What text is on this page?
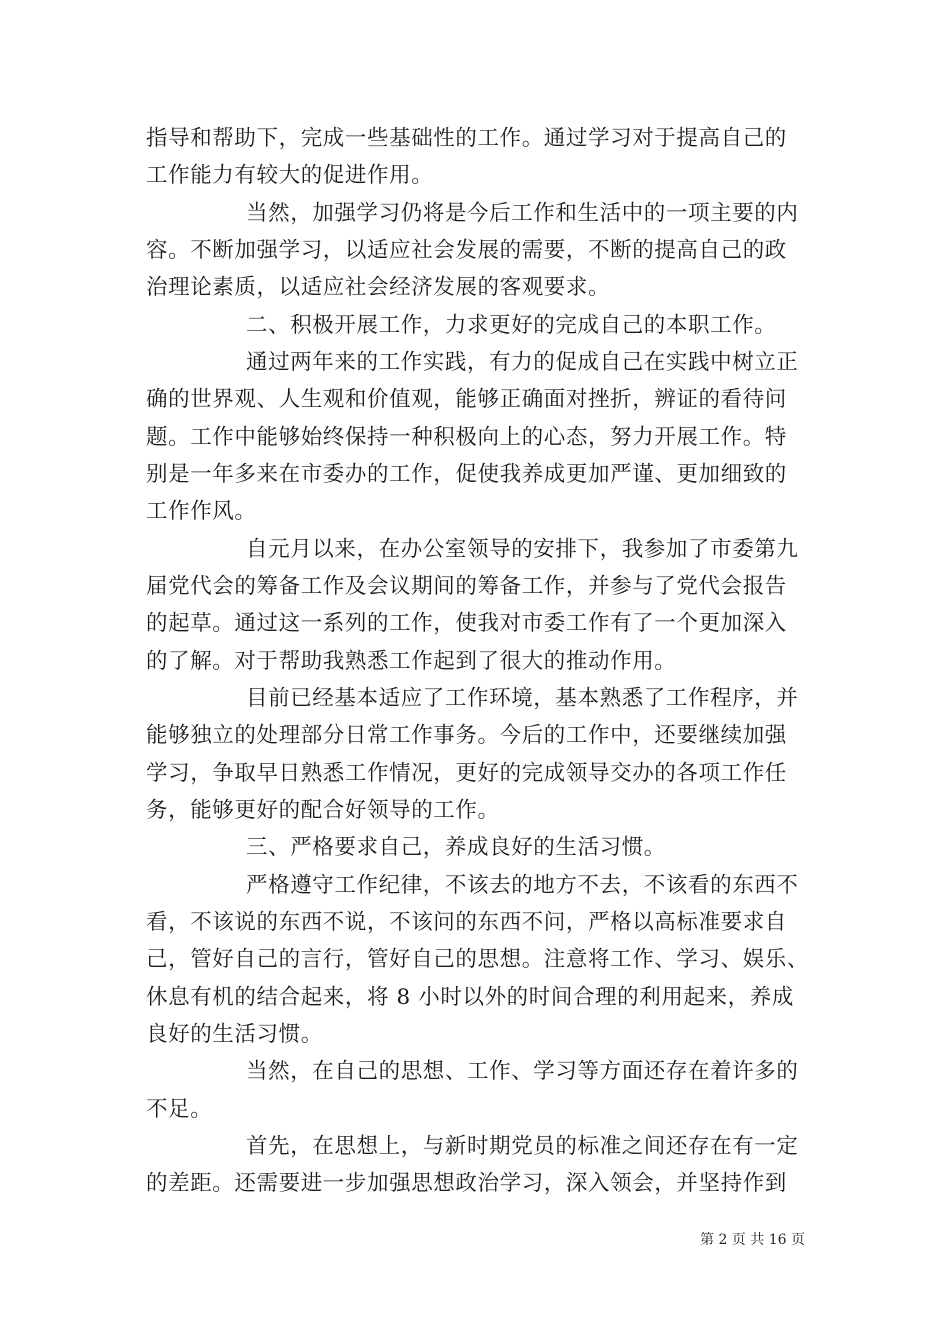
指导和帮助下，完成一些基础性的工作。通过学习对于提高自己的
工作能力有较大的促进作用。
当然，加强学习仍将是今后工作和生活中的一项主要的内
容。不断加强学习，以适应社会发展的需要，不断的提高自己的政
治理论素质，以适应社会经济发展的客观要求。
二、积极开展工作，力求更好的完成自己的本职工作。
通过两年来的工作实践，有力的促成自己在实践中树立正
确的世界观、人生观和价值观，能够正确面对挫折，辨证的看待问
题。工作中能够始终保持一种积极向上的心态，努力开展工作。特
别是一年多来在市委办的工作，促使我养成更加严谨、更加细致的
工作作风。
自元月以来，在办公室领导的安排下，我参加了市委第九
届党代会的筹备工作及会议期间的筹备工作，并参与了党代会报告
的起草。通过这一系列的工作，使我对市委工作有了一个更加深入
的了解。对于帮助我熟悉工作起到了很大的推动作用。
目前已经基本适应了工作环境，基本熟悉了工作程序，并
能够独立的处理部分日常工作事务。今后的工作中，还要继续加强
学习，争取早日熟悉工作情况，更好的完成领导交办的各项工作任
务，能够更好的配合好领导的工作。
三、严格要求自己，养成良好的生活习惯。
严格遵守工作纪律，不该去的地方不去，不该看的东西不
看，不该说的东西不说，不该问的东西不问，严格以高标准要求自
己，管好自己的言行，管好自己的思想。注意将工作、学习、娱乐、
休息有机的结合起来，将 8 小时以外的时间合理的利用起来，养成
良好的生活习惯。
当然，在自己的思想、工作、学习等方面还存在着许多的
不足。
首先，在思想上，与新时期党员的标准之间还存在有一定
的差距。还需要进一步加强思想政治学习，深入领会，并坚持作到
第 2 页 共 16 页
